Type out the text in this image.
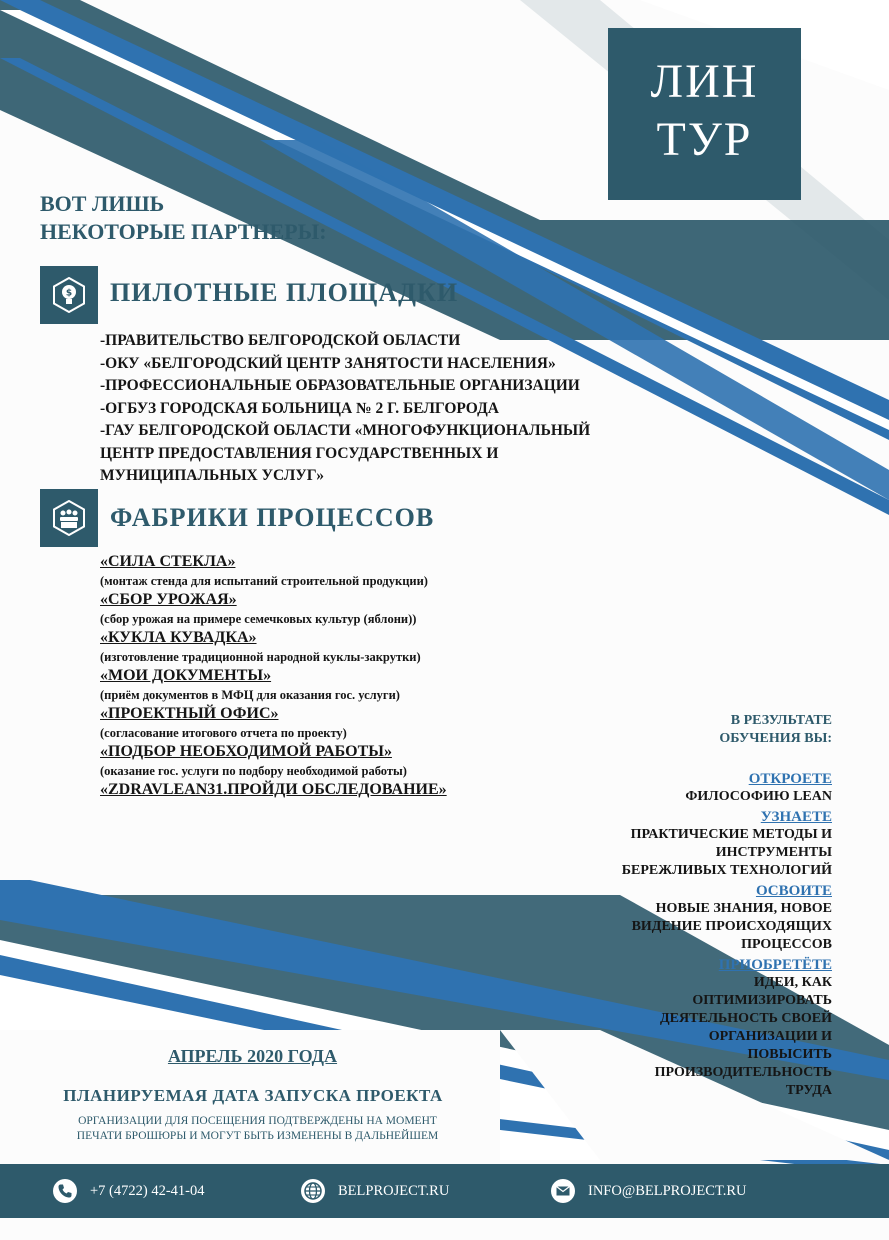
ЛИН
ТУР
ВОТ ЛИШЬ
НЕКОТОРЫЕ ПАРТНЕРЫ:
$ ПИЛОТНЫЕ ПЛОЩАДКИ
-ПРАВИТЕЛЬСТВО БЕЛГОРОДСКОЙ ОБЛАСТИ
-ОКУ «БЕЛГОРОДСКИЙ ЦЕНТР ЗАНЯТОСТИ НАСЕЛЕНИЯ»
-ПРОФЕССИОНАЛЬНЫЕ ОБРАЗОВАТЕЛЬНЫЕ ОРГАНИЗАЦИИ
-ОГБУЗ ГОРОДСКАЯ БОЛЬНИЦА № 2 Г. БЕЛГОРОДА
-ГАУ БЕЛГОРОДСКОЙ ОБЛАСТИ «МНОГОФУНКЦИОНАЛЬНЫЙ
ЦЕНТР ПРЕДОСТАВЛЕНИЯ ГОСУДАРСТВЕННЫХ И
МУНИЦИПАЛЬНЫХ УСЛУГ»
ФАБРИКИ ПРОЦЕССОВ
«СИЛА СТЕКЛА»
(монтаж стенда для испытаний строительной продукции)
«СБОР УРОЖАЯ»
(сбор урожая на примере семечковых культур (яблони))
«КУКЛА КУВАДКА»
(изготовление традиционной народной куклы-закрутки)
«МОИ ДОКУМЕНТЫ»
(приём документов в МФЦ для оказания гос. услуги)
«ПРОЕКТНЫЙ ОФИС»
(согласование итогового отчета по проекту)
«ПОДБОР НЕОБХОДИМОЙ РАБОТЫ»
(оказание гос. услуги по подбору необходимой работы)
«ZDRAVLEAN31.ПРОЙДИ ОБСЛЕДОВАНИЕ»
В РЕЗУЛЬТАТЕ
ОБУЧЕНИЯ ВЫ:
ОТКРОЕТЕ
ФИЛОСОФИЮ LEAN
УЗНАЕТЕ
ПРАКТИЧЕСКИЕ МЕТОДЫ И
ИНСТРУМЕНТЫ
БЕРЕЖЛИВЫХ ТЕХНОЛОГИЙ
ОСВОИТЕ
НОВЫЕ ЗНАНИЯ, НОВОЕ
ВИДЕНИЕ ПРОИСХОДЯЩИХ
ПРОЦЕССОВ
ПРИОБРЕТЁТЕ
ИДЕИ, КАК
ОПТИМИЗИРОВАТЬ
ДЕЯТЕЛЬНОСТЬ СВОЕЙ
ОРГАНИЗАЦИИ И
ПОВЫСИТЬ
ПРОИЗВОДИТЕЛЬНОСТЬ
ТРУДА
АПРЕЛЬ 2020 ГОДА
ПЛАНИРУЕМАЯ ДАТА ЗАПУСКА ПРОЕКТА
ОРГАНИЗАЦИИ ДЛЯ ПОСЕЩЕНИЯ ПОДТВЕРЖДЕНЫ НА МОМЕНТ
ПЕЧАТИ БРОШЮРЫ И МОГУТ БЫТЬ ИЗМЕНЕНЫ В ДАЛЬНЕЙШЕМ
+7 (4722) 42-41-04	BELPROJECT.RU	INFO@BELPROJECT.RU
